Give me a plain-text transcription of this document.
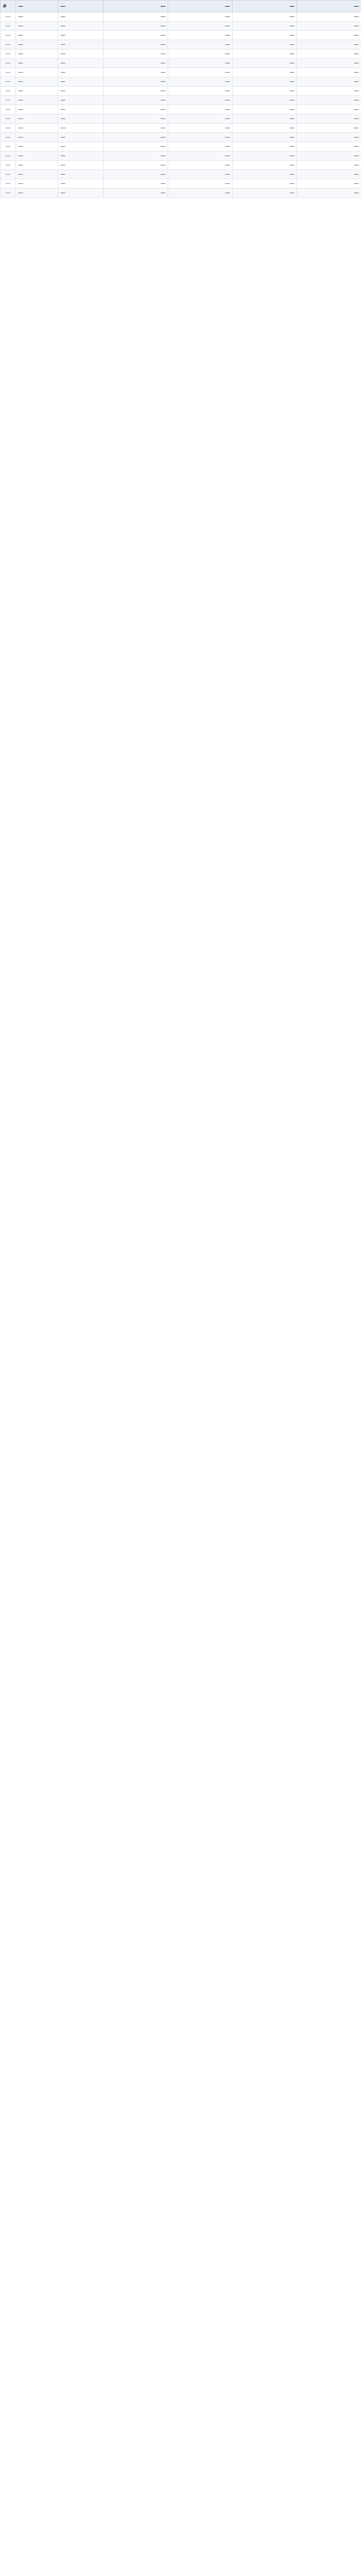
#	—	—	—	—	—	—
—	—	—	—	—	—	—
—	—	—	—	—	—	—
—	—	—	—	—	—	—
—	—	—	—	—	—	—
—	—	—	—	—	—	—
—	—	—	—	—	—	—
—	—	—	—	—	—	—
—	—	—	—	—	—	—
—	—	—	—	—	—	—
—	—	—	—	—	—	—
—	—	—	—	—	—	—
—	—	—	—	—	—	—
—	—	—	—	—	—	—
—	—	—	—	—	—	—
—	—	—	—	—	—	—
—	—	—	—	—	—	—
—	—	—	—	—	—	—
—	—	—	—	—	—	—
—	—	—	—	—	—	—
—	—	—	—	—	—	—
